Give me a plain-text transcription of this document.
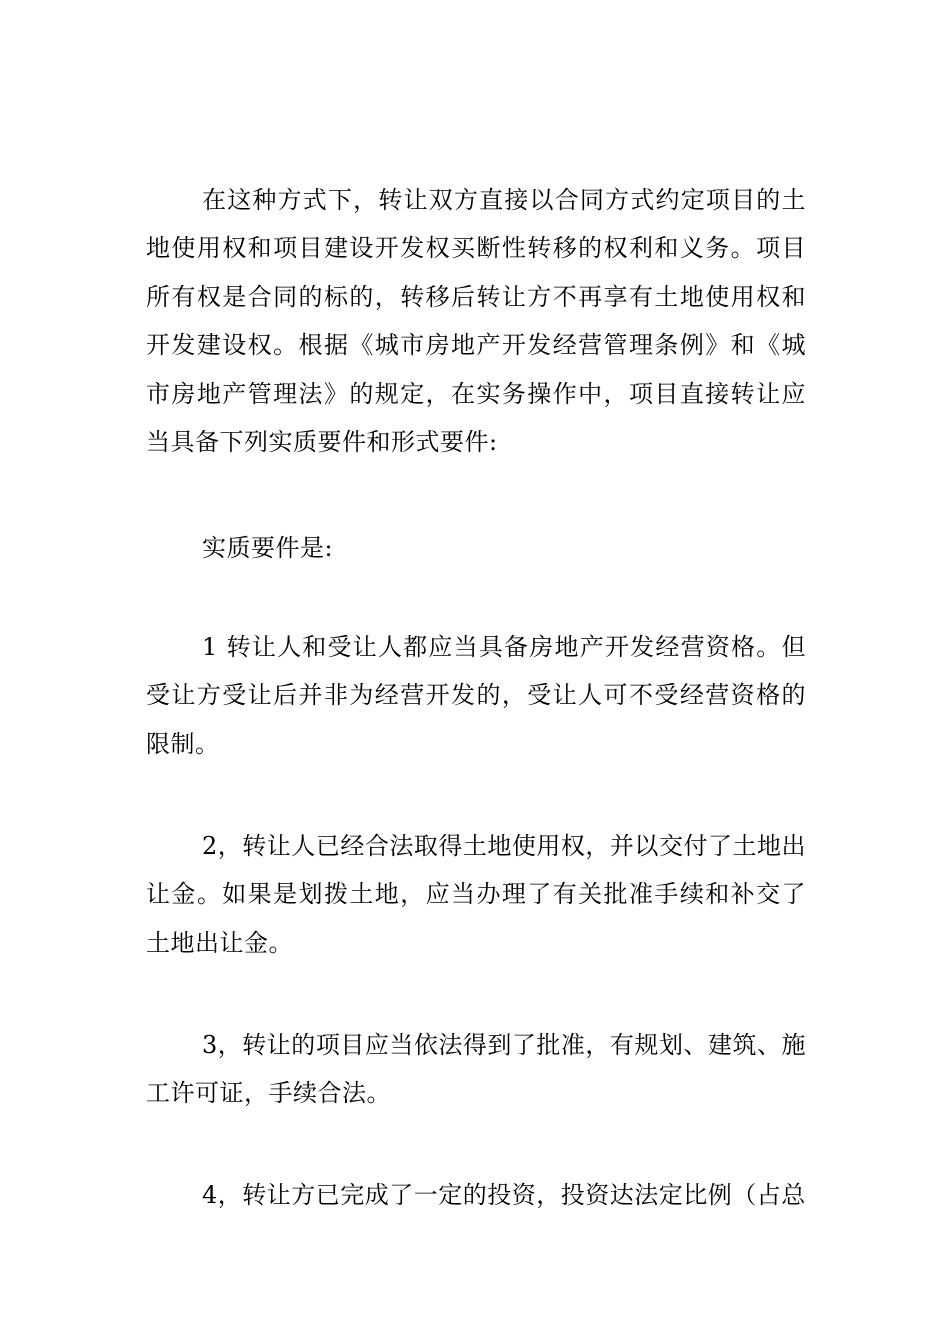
在这种方式下，转让双方直接以合同方式约定项目的土地使用权和项目建设开发权买断性转移的权利和义务。项目所有权是合同的标的，转移后转让方不再享有土地使用权和开发建设权。根据《城市房地产开发经营管理条例》和《城市房地产管理法》的规定，在实务操作中，项目直接转让应当具备下列实质要件和形式要件:

实质要件是:

1 转让人和受让人都应当具备房地产开发经营资格。但受让方受让后并非为经营开发的，受让人可不受经营资格的限制。

2，转让人已经合法取得土地使用权，并以交付了土地出让金。如果是划拨土地，应当办理了有关批准手续和补交了土地出让金。

3，转让的项目应当依法得到了批准，有规划、建筑、施工许可证，手续合法。

4，转让方已完成了一定的投资，投资达法定比例（占总
